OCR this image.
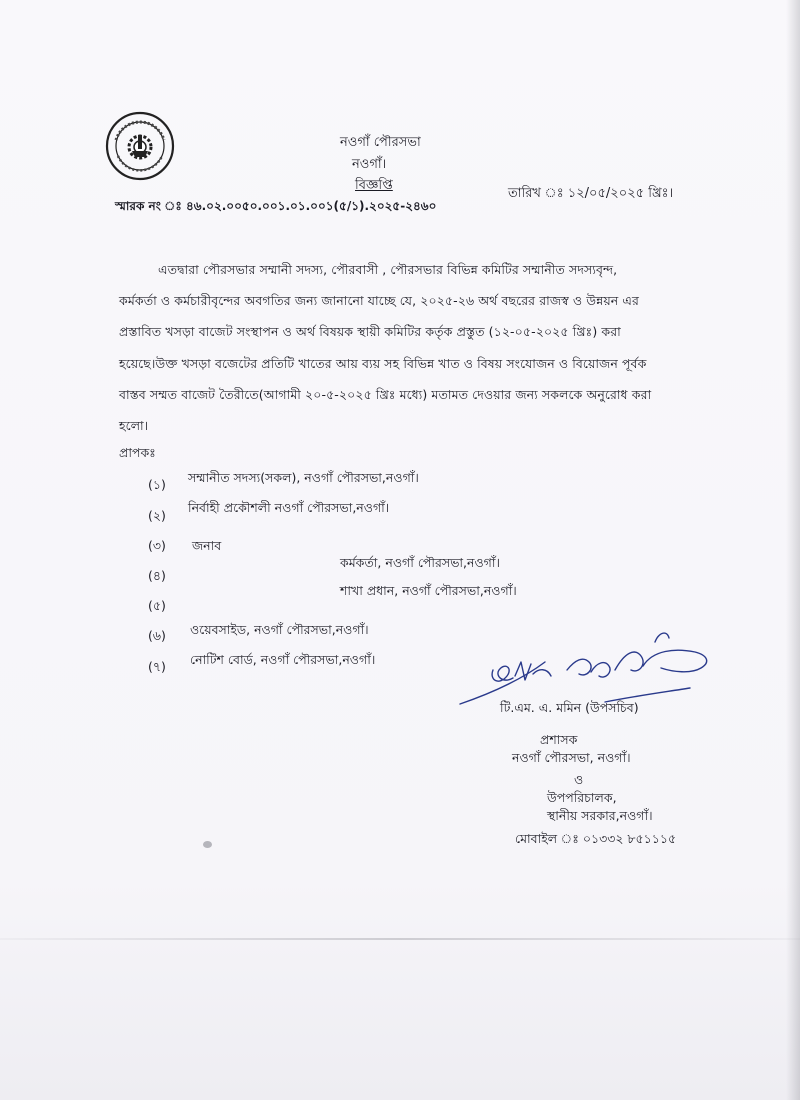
নওগাঁ পৌরসভা
নওগাঁ।
বিজ্ঞপ্তি
স্মারক নং ঃ ৪৬.০২.০০৫০.০০১.০১.০০১(৫/১).২০২৫-২৪৬০
তারিখ ঃ ১২/০৫/২০২৫ খ্রিঃ।
এতদ্বারা পৌরসভার সম্মানী সদস্য, পৌরবাসী , পৌরসভার বিভিন্ন কমিটির সম্মানীত সদস্যবৃন্দ,
কর্মকর্তা ও কর্মচারীবৃন্দের অবগতির জন্য জানানো যাচ্ছে যে, ২০২৫-২৬ অর্থ বছরের রাজস্ব ও উন্নয়ন এর
প্রস্তাবিত খসড়া বাজেট সংস্থাপন ও অর্থ বিষয়ক স্থায়ী কমিটির কর্তৃক প্রস্তুত (১২-০৫-২০২৫ খ্রিঃ) করা
হয়েছে।উক্ত খসড়া বজেটের প্রতিটি খাতের আয় ব্যয় সহ বিভিন্ন খাত ও বিষয় সংযোজন ও বিয়োজন পূর্বক
বাস্তব সম্মত বাজেট তৈরীতে(আগামী ২০-৫-২০২৫ খ্রিঃ মধ্যে) মতামত দেওয়ার জন্য সকলকে অনুরোধ করা
হলো।
প্রাপকঃ
(১) সম্মানীত সদস্য(সকল), নওগাঁ পৌরসভা,নওগাঁ।
(২)
নির্বাহী প্রকৌশলী নওগাঁ পৌরসভা,নওগাঁ।
(৩) জনাব
(৪)
কর্মকর্তা, নওগাঁ পৌরসভা,নওগাঁ।
(৫)
শাখা প্রধান, নওগাঁ পৌরসভা,নওগাঁ।
(৬) ওয়েবসাইড, নওগাঁ পৌরসভা,নওগাঁ।
(৭) নোটিশ বোর্ড, নওগাঁ পৌরসভা,নওগাঁ।
টি.এম. এ. মমিন (উপসচিব)
প্রশাসক
নওগাঁ পৌরসভা, নওগাঁ।
ও
উপপরিচালক,
স্থানীয় সরকার,নওগাঁ।
মোবাইল ঃ ০১৩৩২ ৮৫১১১৫
